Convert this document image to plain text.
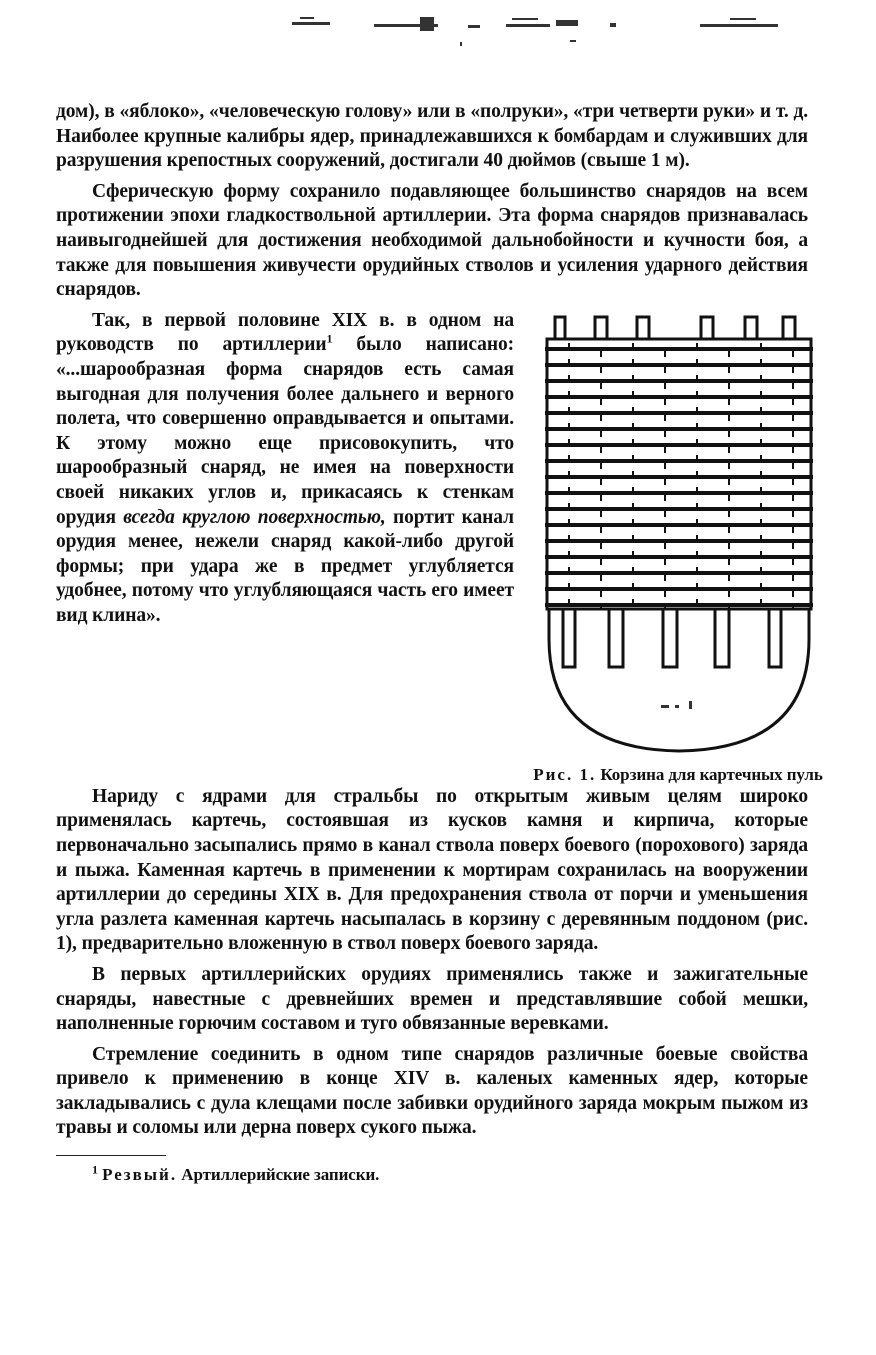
дом), в «яблоко», «человеческую голову» или в «полруки», «три четверти руки» и т. д. Наиболее крупные калибры ядер, принадлежавшихся к бомбардам и служивших для разрушения крепостных сооружений, достигали 40 дюймов (свыше 1 м).

Сферическую форму сохранило подавляющее большинство снарядов на всем протижении эпохи гладкоствольной артиллерии. Эта форма снарядов признавалась наивыгоднейшей для достижения необходимой дальнобойности и кучности боя, а также для повышения живучести орудийных стволов и усиления ударного действия снарядов.

Рис. 1. Корзина для картечных пуль

Так, в первой половине XIX в. в одном на руководств по артиллерии$^1$ было написано: «...шарообразная форма снарядов есть самая выгодная для получения более дальнего и верного полета, что совершенно оправдывается и опытами. К этому можно еще присовокупить, что шарообразный снаряд, не имея на поверхности своей никаких углов и, прикасаясь к стенкам орудия всегда круглою поверхностью, портит канал орудия менее, нежели снаряд какой-либо другой формы; при удара же в предмет углубляется удобнее, потому что углубляющаяся часть его имеет вид клина».

Нариду с ядрами для стральбы по открытым живым целям широко применялась картечь, состоявшая из кусков камня и кирпича, которые первоначально засыпались прямо в канал ствола поверх боевого (порохового) заряда и пыжа. Каменная картечь в применении к мортирам сохранилась на вооружении артиллерии до середины XIX в. Для предохранения ствола от порчи и уменьшения угла разлета каменная картечь насыпалась в корзину с деревянным поддоном (рис. 1), предварительно вложенную в ствол поверх боевого заряда.

В первых артиллерийских орудиях применялись также и зажигательные снаряды, навестные с древнейших времен и представлявшие собой мешки, наполненные горючим составом и туго обвязанные веревками.

Стремление соединить в одном типе снарядов различные боевые свойства привело к применению в конце XIV в. каленых каменных ядер, которые закладывались с дула клещами после забивки орудийного заряда мокрым пыжом из травы и соломы или дерна поверх сукого пыжа.

$^1$ Резвый. Артиллерийские записки.
